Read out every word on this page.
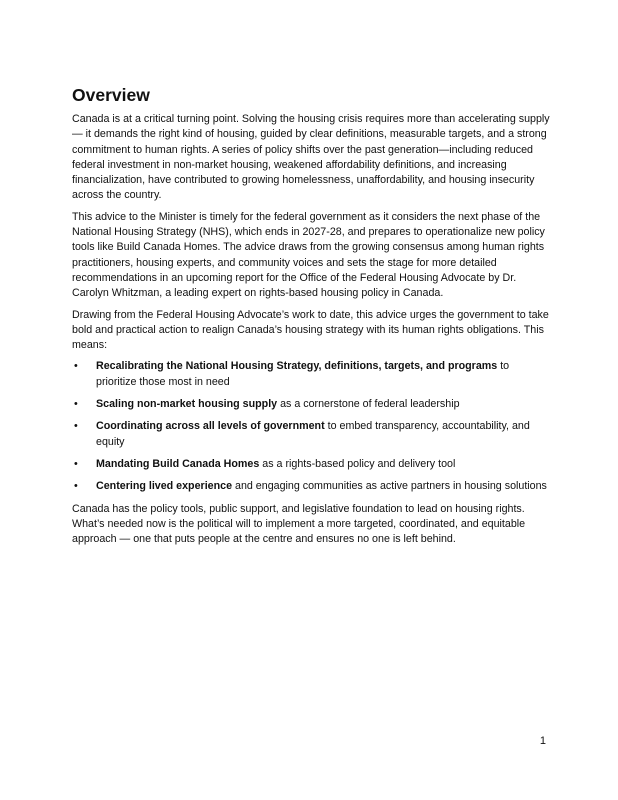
Overview

Canada is at a critical turning point. Solving the housing crisis requires more than accelerating supply — it demands the right kind of housing, guided by clear definitions, measurable targets, and a strong commitment to human rights. A series of policy shifts over the past generation—including reduced federal investment in non-market housing, weakened affordability definitions, and increasing financialization, have contributed to growing homelessness, unaffordability, and housing insecurity across the country.

This advice to the Minister is timely for the federal government as it considers the next phase of the National Housing Strategy (NHS), which ends in 2027-28, and prepares to operationalize new policy tools like Build Canada Homes. The advice draws from the growing consensus among human rights practitioners, housing experts, and community voices and sets the stage for more detailed recommendations in an upcoming report for the Office of the Federal Housing Advocate by Dr. Carolyn Whitzman, a leading expert on rights-based housing policy in Canada.

Drawing from the Federal Housing Advocate’s work to date, this advice urges the government to take bold and practical action to realign Canada’s housing strategy with its human rights obligations. This means:

• Recalibrating the National Housing Strategy, definitions, targets, and programs to prioritize those most in need
• Scaling non-market housing supply as a cornerstone of federal leadership
• Coordinating across all levels of government to embed transparency, accountability, and equity
• Mandating Build Canada Homes as a rights-based policy and delivery tool
• Centering lived experience and engaging communities as active partners in housing solutions

Canada has the policy tools, public support, and legislative foundation to lead on housing rights. What’s needed now is the political will to implement a more targeted, coordinated, and equitable approach — one that puts people at the centre and ensures no one is left behind.

1
